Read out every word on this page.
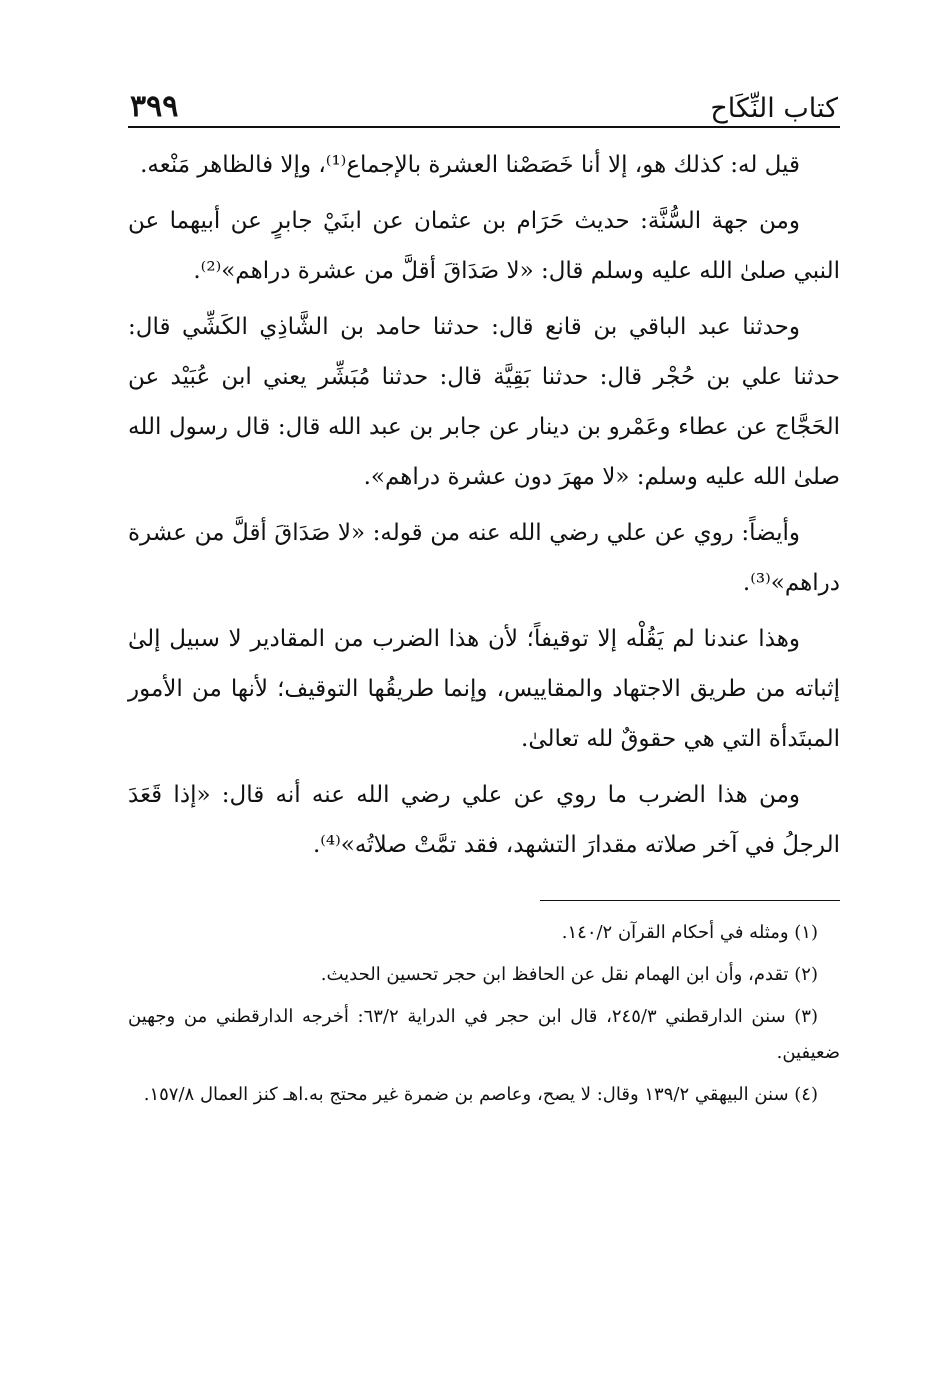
كتاب النِّكَاح
٣٩٩

قيل له: كذلك هو، إلا أنا خَصَصْنا العشرة بالإجماع⁽¹⁾، وإلا فالظاهر مَنْعه.

ومن جهة السُّنَّة: حديث حَرَام بن عثمان عن ابنَيْ جابرٍ عن أبيهما عن النبي صلىٰ الله عليه وسلم قال: «لا صَدَاقَ أقلَّ من عشرة دراهم»⁽²⁾.

وحدثنا عبد الباقي بن قانع قال: حدثنا حامد بن الشَّاذِي الكَشِّي قال: حدثنا علي بن حُجْر قال: حدثنا بَقِيَّة قال: حدثنا مُبَشِّر يعني ابن عُبَيْد عن الحَجَّاج عن عطاء وعَمْرو بن دينار عن جابر بن عبد الله قال: قال رسول الله صلىٰ الله عليه وسلم: «لا مهرَ دون عشرة دراهم».

وأيضاً: روي عن علي رضي الله عنه من قوله: «لا صَدَاقَ أقلَّ من عشرة دراهم»⁽³⁾.

وهذا عندنا لم يَقُلْه إلا توقيفاً؛ لأن هذا الضرب من المقادير لا سبيل إلىٰ إثباته من طريق الاجتهاد والمقاييس، وإنما طريقُها التوقيف؛ لأنها من الأمور المبتَدأة التي هي حقوقٌ لله تعالىٰ.

ومن هذا الضرب ما روي عن علي رضي الله عنه أنه قال: «إذا قَعَدَ الرجلُ في آخر صلاته مقدارَ التشهد، فقد تمَّتْ صلاتُه»⁽⁴⁾.

(١) ومثله في أحكام القرآن ١٤٠/٢.

(٢) تقدم، وأن ابن الهمام نقل عن الحافظ ابن حجر تحسين الحديث.

(٣) سنن الدارقطني ٢٤٥/٣، قال ابن حجر في الدراية ٦٣/٢: أخرجه الدارقطني من وجهين ضعيفين.

(٤) سنن البيهقي ١٣٩/٢ وقال: لا يصح، وعاصم بن ضمرة غير محتج به.اهـ كنز العمال ١٥٧/٨.
